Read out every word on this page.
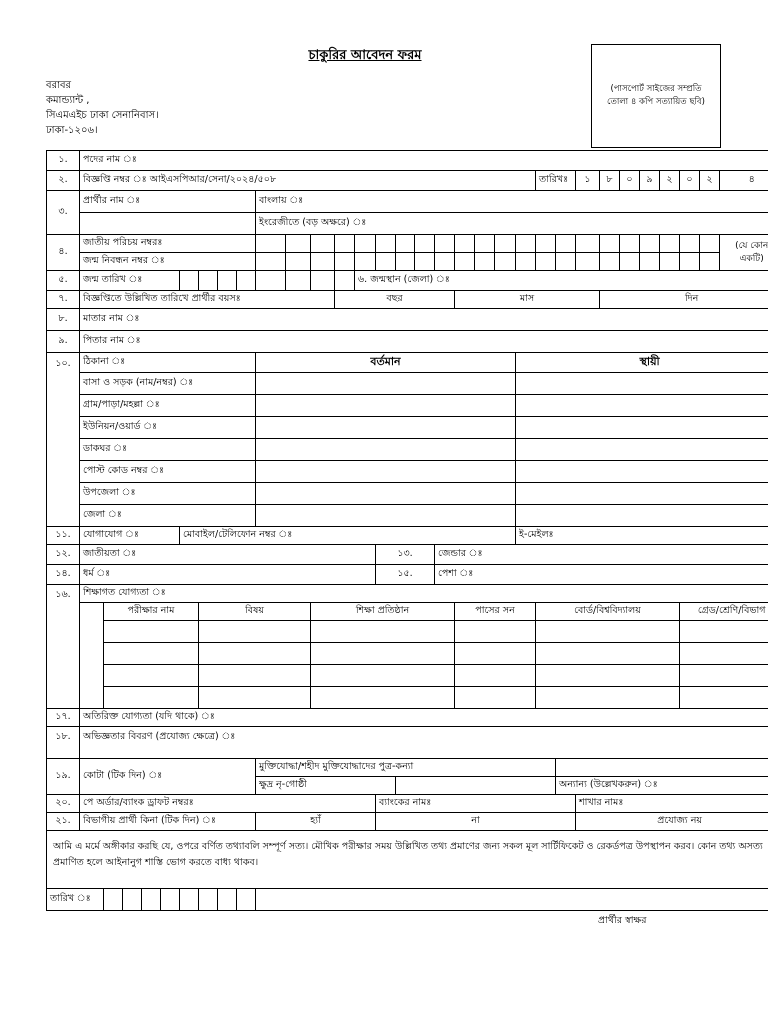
চাকুরির আবেদন ফরম
বরাবর
কমান্ড্যান্ট ,
সিএমএইচ ঢাকা সেনানিবাস।
ঢাকা-১২০৬।
(পাসপোর্ট সাইজের সম্প্রতি
তোলা ৪ কপি সত্যায়িত ছবি)
১.	পদের নাম ঃ																															
২.	বিজ্ঞপ্তি নম্বর ঃ আইএসপিআর/সেনা/২০২৪/৫০৮																						তারিখঃ		১	৮	০	৯	২	০	২	৪
৩.	প্রার্থীর নাম ঃ									বাংলায় ঃ																						
										ইংরেজীতে (বড় অক্ষরে) ঃ																						
৪.	জাতীয় পরিচয় নম্বরঃ																															(যে কোন
একটি)
	জন্ম নিবন্ধন নম্বর ঃ																															
৫.	জন্ম তারিখ ঃ													৬. জন্মস্থান (জেলা) ঃ																		
৭.	বিজ্ঞপ্তিতে উল্লিখিত তারিখে প্রার্থীর বয়সঃ												বছর						মাস							দিন						
৮.	মাতার নাম ঃ																															
৯.	পিতার নাম ঃ																															
১০.	ঠিকানা ঃ									বর্তমান												স্থায়ী										
	বাসা ও সড়ক (নাম/নম্বর) ঃ																															
	গ্রাম/পাড়া/মহল্লা ঃ																															
	ইউনিয়ন/ওয়ার্ড ঃ																															
	ডাকঘর ঃ																															
	পোস্ট কোড নম্বর ঃ																															
	উপজেলা ঃ																															
	জেলা ঃ																															
১১.	যোগাযোগ ঃ					মোবাইল/টেলিফোন নম্বর ঃ																ই-মেইলঃ										
১২.	জাতীয়তা ঃ														১৩.			জেন্ডার ঃ														
১৪.	ধর্ম ঃ														১৫.			পেশা ঃ														
১৬.	শিক্ষাগত যোগ্যতা ঃ																															
		পরীক্ষার নাম					বিষয়					শিক্ষা প্রতিষ্ঠান							পাসের সন				বোর্ড/বিশ্ববিদ্যালয়							গ্রেড/শ্রেণি/বিভাগ		

১৭.	অতিরিক্ত যোগ্যতা (যদি থাকে) ঃ																															
১৮.	অভিজ্ঞতার বিবরণ (প্রযোজ্য ক্ষেত্রে) ঃ																															
১৯.	কোটা (টিক দিন) ঃ									মুক্তিযোদ্ধা/শহীদ মুক্তিযোদ্ধাদের পুত্র-কন্যা																						
										ক্ষুদ্র নৃ-গোষ্ঠী														অন্যান্য (উল্লেখকরুন) ঃ								
২০.	পে অর্ডার/ব্যাংক ড্রাফট নম্বরঃ														ব্যাংকের নামঃ										শাখার নামঃ							
২১.	বিভাগীয় প্রার্থী কিনা (টিক দিন) ঃ									হ্যাঁ					না										প্রযোজ্য নয়							
আমি এ মর্মে অঙ্গীকার করছি যে, ওপরে বর্ণিত তথ্যাবলি সম্পূর্ণ সত্য। মৌখিক পরীক্ষার সময় উল্লিখিত তথ্য প্রমাণের জন্য সকল মূল সার্টিফিকেট ও রেকর্ডপত্র উপস্থাপন করব। কোন তথ্য অসত্য প্রমাণিত হলে আইনানুগ শাস্তি ভোগ করতে বাধ্য থাকব।																																
তারিখ ঃ																																
প্রার্থীর স্বাক্ষর
